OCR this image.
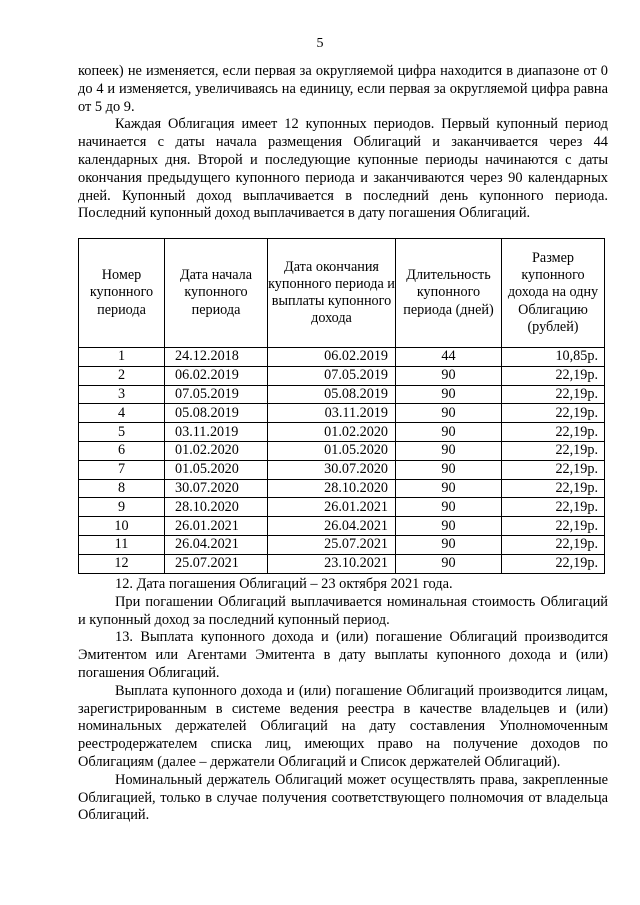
5

копеек) не изменяется, если первая за округляемой цифра находится в диапазоне от 0 до 4 и изменяется, увеличиваясь на единицу, если первая за округляемой цифра равна от 5 до 9.

Каждая Облигация имеет 12 купонных периодов. Первый купонный период начинается с даты начала размещения Облигаций и заканчивается через 44 календарных дня. Второй и последующие купонные периоды начинаются с даты окончания предыдущего купонного периода и заканчиваются через 90 календарных дней. Купонный доход выплачивается в последний день купонного периода. Последний купонный доход выплачивается в дату погашения Облигаций.

Номер купонного периода	Дата начала купонного периода	Дата окончания купонного периода и выплаты купонного дохода	Длительность купонного периода (дней)	Размер купонного дохода на одну Облигацию (рублей)
1	24.12.2018	06.02.2019	44	10,85р.
2	06.02.2019	07.05.2019	90	22,19р.
3	07.05.2019	05.08.2019	90	22,19р.
4	05.08.2019	03.11.2019	90	22,19р.
5	03.11.2019	01.02.2020	90	22,19р.
6	01.02.2020	01.05.2020	90	22,19р.
7	01.05.2020	30.07.2020	90	22,19р.
8	30.07.2020	28.10.2020	90	22,19р.
9	28.10.2020	26.01.2021	90	22,19р.
10	26.01.2021	26.04.2021	90	22,19р.
11	26.04.2021	25.07.2021	90	22,19р.
12	25.07.2021	23.10.2021	90	22,19р.

12. Дата погашения Облигаций – 23 октября 2021 года.

При погашении Облигаций выплачивается номинальная стоимость Облигаций и купонный доход за последний купонный период.

13. Выплата купонного дохода и (или) погашение Облигаций производится Эмитентом или Агентами Эмитента в дату выплаты купонного дохода и (или) погашения Облигаций.

Выплата купонного дохода и (или) погашение Облигаций производится лицам, зарегистрированным в системе ведения реестра в качестве владельцев и (или) номинальных держателей Облигаций на дату составления Уполномоченным реестродержателем списка лиц, имеющих право на получение доходов по Облигациям (далее – держатели Облигаций и Список держателей Облигаций).

Номинальный держатель Облигаций может осуществлять права, закрепленные Облигацией, только в случае получения соответствующего полномочия от владельца Облигаций.
